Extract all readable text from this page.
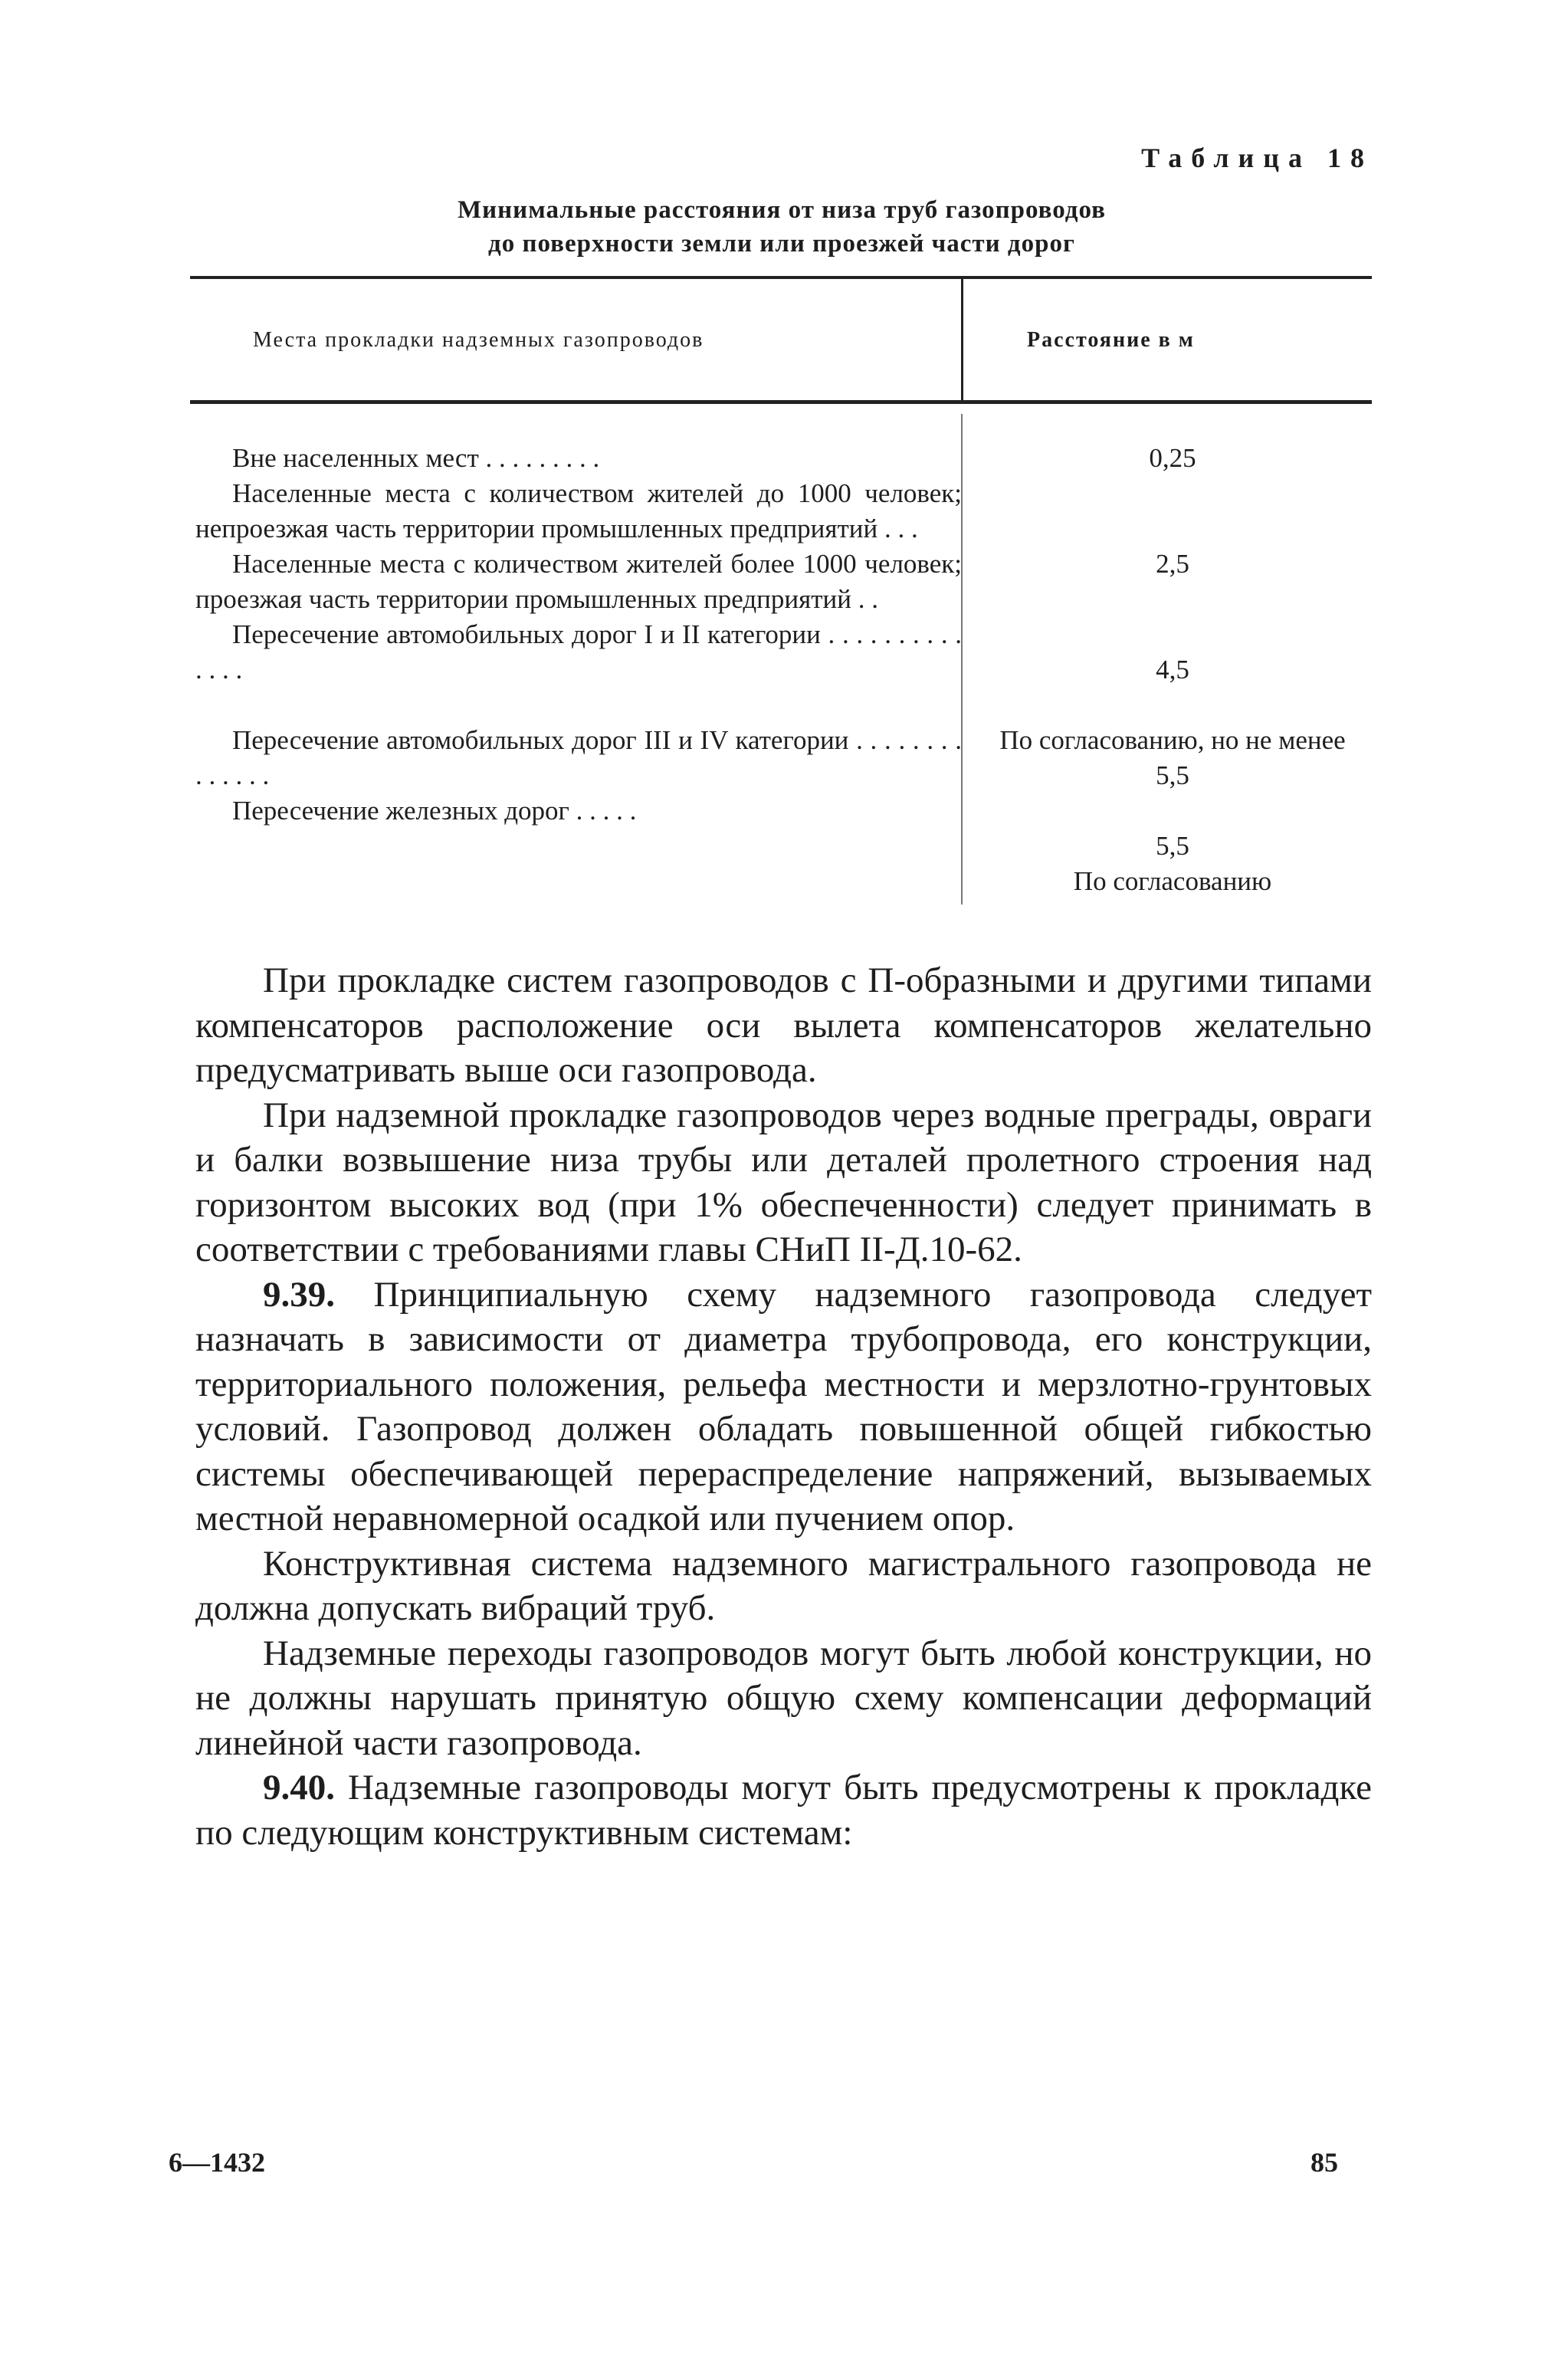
Таблица 18
Минимальные расстояния от низа труб газопроводов
до поверхности земли или проезжей части дорог
Места прокладки надземных газопроводов	Расстояние в м
Вне населенных мест . . . . . . . . .
Населенные места с количеством жителей до 1000 человек; непроезжая часть территории промышленных предприятий . . .
Населенные места с количеством жителей более 1000 человек; проезжая часть территории промышленных предприятий . .
Пересечение автомобильных дорог I и II категории . . . . . . . . . . . . . .
Пересечение автомобильных дорог III и IV категории . . . . . . . . . . . . . .
Пересечение железных дорог . . . . .
0,25
2,5
4,5
По согласованию, но не менее 5,5
5,5
По согласованию

При прокладке систем газопроводов с П-образными и другими типами компенсаторов расположение оси вылета компенсаторов желательно предусматривать выше оси газопровода.

При надземной прокладке газопроводов через водные преграды, овраги и балки возвышение низа трубы или деталей пролетного строения над горизонтом высоких вод (при 1% обеспеченности) следует принимать в соответствии с требованиями главы СНиП II-Д.10-62.

9.39. Принципиальную схему надземного газопровода следует назначать в зависимости от диаметра трубопровода, его конструкции, территориального положения, рельефа местности и мерзлотно-грунтовых условий. Газопровод должен обладать повышенной общей гибкостью системы обеспечивающей перераспределение напряжений, вызываемых местной неравномерной осадкой или пучением опор.

Конструктивная система надземного магистрального газопровода не должна допускать вибраций труб.

Надземные переходы газопроводов могут быть любой конструкции, но не должны нарушать принятую общую схему компенсации деформаций линейной части газопровода.

9.40. Надземные газопроводы могут быть предусмотрены к прокладке по следующим конструктивным системам:

6—1432	85
